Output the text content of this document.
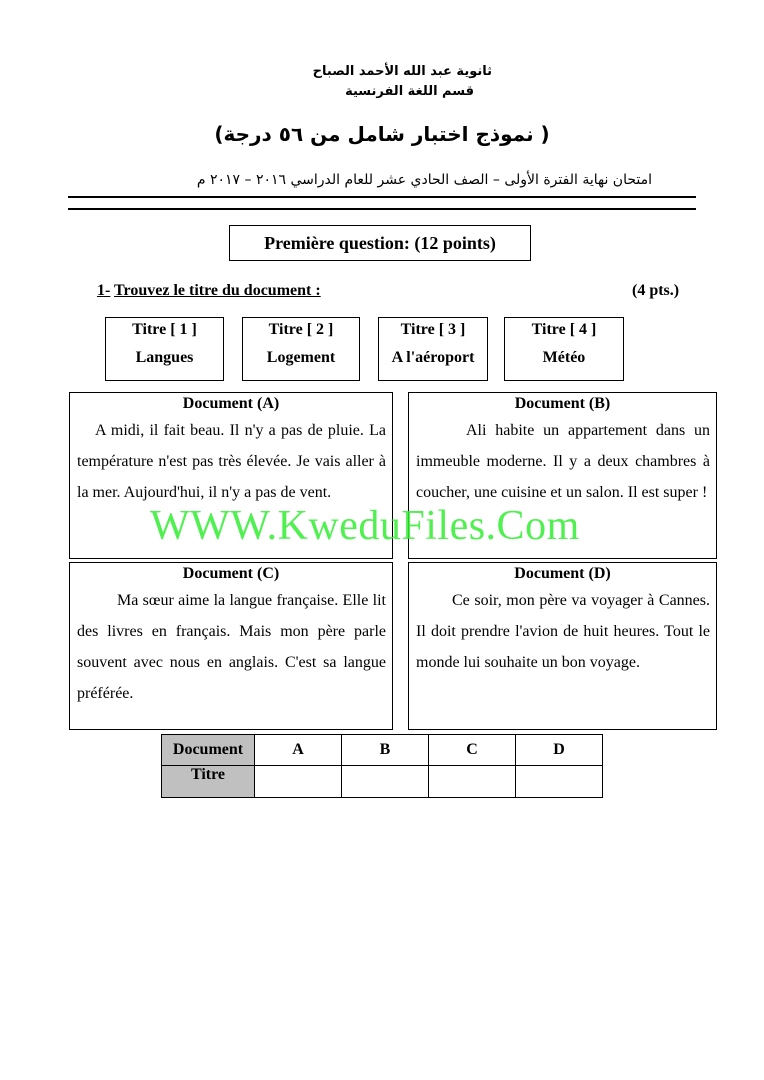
ثانوية عبد الله الأحمد الصباح
قسم اللغة الفرنسية
( نموذج اختبار شامل من ٥٦ درجة)
امتحان نهاية الفترة الأولى – الصف الحادي عشر للعام الدراسي ٢٠١٦ – ٢٠١٧ م
Première question: (12 points)
1- Trouvez le titre du document :	(4 pts.)
Titre [ 1 ]
Langues
Titre [ 2 ]
Logement
Titre [ 3 ]
A l'aéroport
Titre [ 4 ]
Météo
Document (A)
A midi, il fait beau. Il n'y a pas de pluie. La température n'est pas très élevée. Je vais aller à la mer. Aujourd'hui, il n'y a pas de vent.
Document (B)
Ali habite un appartement dans un immeuble moderne. Il y a deux chambres à coucher, une cuisine et un salon. Il est super !
Document (C)
Ma sœur aime la langue française. Elle lit des livres en français. Mais mon père parle souvent avec nous en anglais. C'est sa langue préférée.
Document (D)
Ce soir, mon père va voyager à Cannes. Il doit prendre l'avion de huit heures. Tout le monde lui souhaite un bon voyage.
WWW.KweduFiles.Com
Document	A	B	C	D
Titre				
